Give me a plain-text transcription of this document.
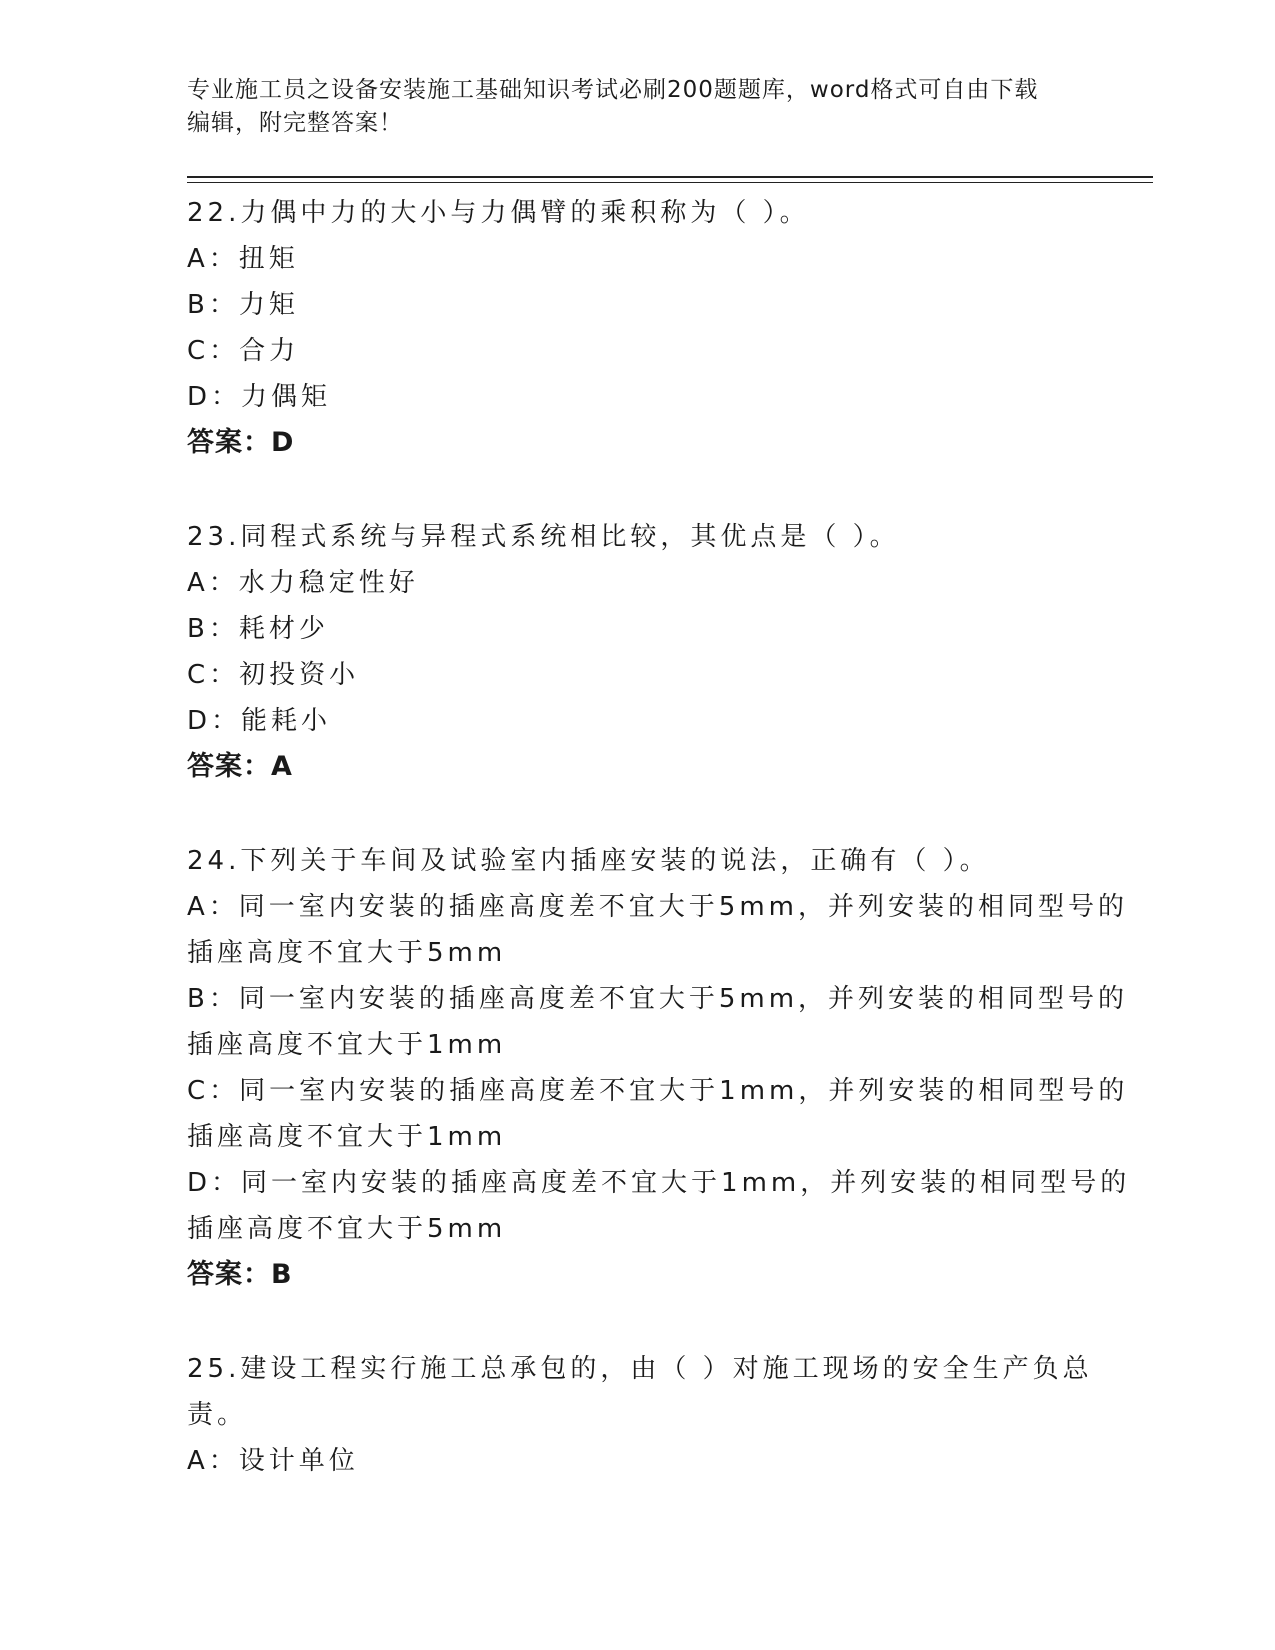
专业施工员之设备安装施工基础知识考试必刷200题题库，word格式可自由下载

编辑，附完整答案！

22.力偶中力的大小与力偶臂的乘积称为（ ）。

A：扭矩

B：力矩

C：合力

D：力偶矩

答案：D

23.同程式系统与异程式系统相比较，其优点是（ ）。

A：水力稳定性好

B：耗材少

C：初投资小

D：能耗小

答案：A

24.下列关于车间及试验室内插座安装的说法，正确有（ ）。

A：同一室内安装的插座高度差不宜大于5mm，并列安装的相同型号的

插座高度不宜大于5mm

B：同一室内安装的插座高度差不宜大于5mm，并列安装的相同型号的

插座高度不宜大于1mm

C：同一室内安装的插座高度差不宜大于1mm，并列安装的相同型号的

插座高度不宜大于1mm

D：同一室内安装的插座高度差不宜大于1mm，并列安装的相同型号的

插座高度不宜大于5mm

答案：B

25.建设工程实行施工总承包的，由（ ）对施工现场的安全生产负总

责。

A：设计单位
